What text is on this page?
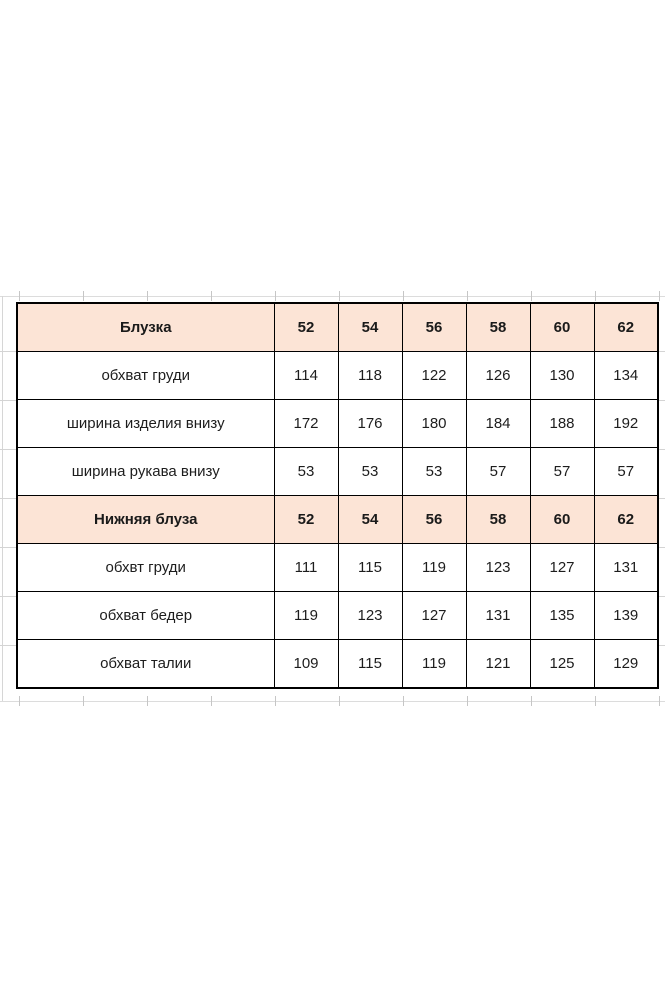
Блузка	52	54	56	58	60	62
обхват груди	114	118	122	126	130	134
ширина изделия внизу	172	176	180	184	188	192
ширина рукава внизу	53	53	53	57	57	57
Нижняя блуза	52	54	56	58	60	62
обхвт груди	111	115	119	123	127	131
обхват бедер	119	123	127	131	135	139
обхват талии	109	115	119	121	125	129
